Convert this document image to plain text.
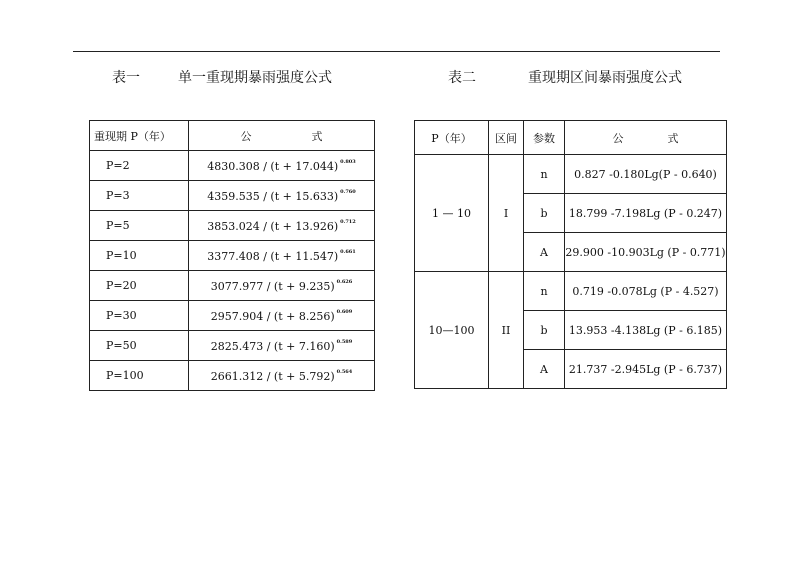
表一	单一重现期暴雨强度公式	表二	重现期区间暴雨强度公式
重现期 P（年）	公 式
P=2	4830.308 / (t + 17.044) $^{0.803}$
P=3	4359.535 / (t + 15.633) $^{0.760}$
P=5	3853.024 / (t + 13.926) $^{0.712}$
P=10	3377.408 / (t + 11.547) $^{0.661}$
P=20	3077.977 / (t + 9.235) $^{0.626}$
P=30	2957.904 / (t + 8.256) $^{0.609}$
P=50	2825.473 / (t + 7.160) $^{0.589}$
P=100	2661.312 / (t + 5.792) $^{0.564}$
P（年）	区间	参数	公 式
1 — 10	I	n	0.827 -0.180Lg(P - 0.640)
		b	18.799 -7.198Lg (P - 0.247)
		A	29.900 -10.903Lg (P - 0.771)
10—100	II	n	0.719 -0.078Lg (P - 4.527)
		b	13.953 -4.138Lg (P - 6.185)
		A	21.737 -2.945Lg (P - 6.737)
